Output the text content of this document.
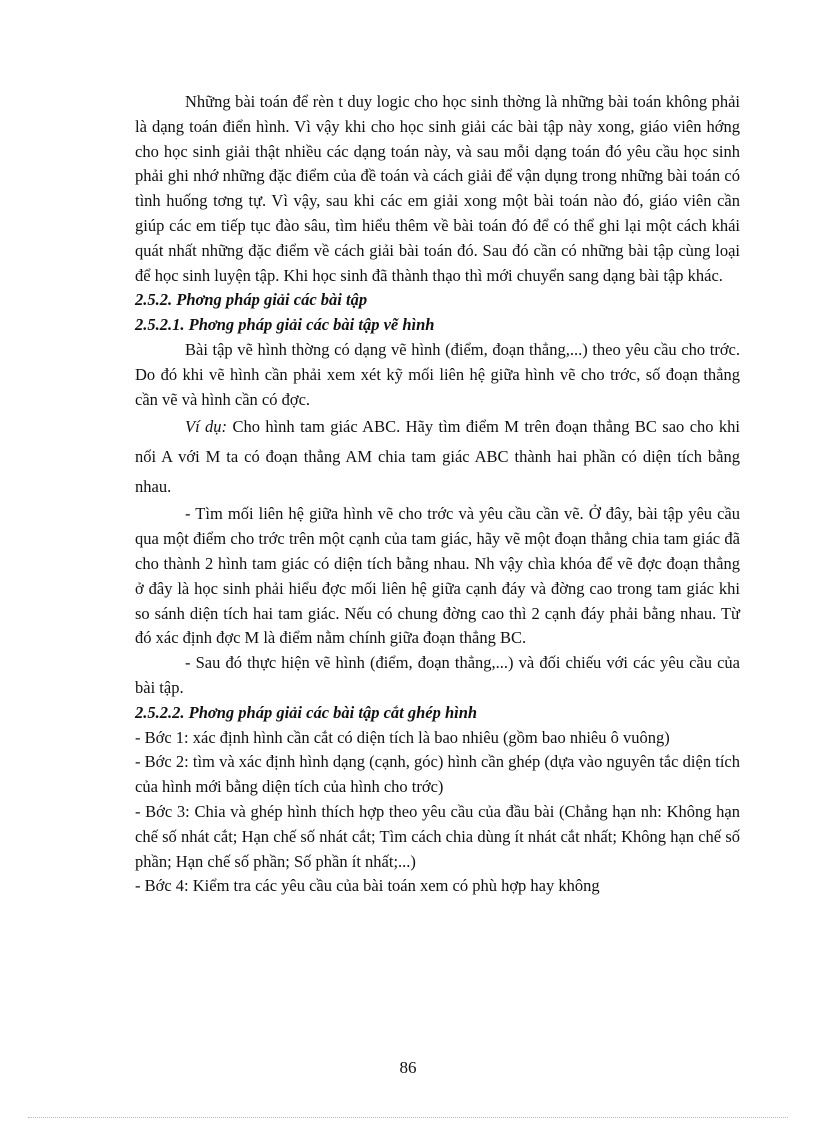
Những bài toán để rèn t duy logic cho học sinh thờng là những bài toán không phải là dạng toán điển hình. Vì vậy khi cho học sinh giải các bài tập này xong, giáo viên hớng cho học sinh giải thật nhiều các dạng toán này, và sau mỗi dạng toán đó yêu cầu học sinh phải ghi nhớ những đặc điểm của đề toán và cách giải để vận dụng trong những bài toán có tình huống tơng tự. Vì vậy, sau khi các em giải xong một bài toán nào đó, giáo viên cần giúp các em tiếp tục đào sâu, tìm hiểu thêm về bài toán đó để có thể ghi lại một cách khái quát nhất những đặc điểm về cách giải bài toán đó. Sau đó cần có những bài tập cùng loại để học sinh luyện tập. Khi học sinh đã thành thạo thì mới chuyển sang dạng bài tập khác.

2.5.2. Phơng pháp giải các bài tập

2.5.2.1. Phơng pháp giải các bài tập vẽ hình

Bài tập vẽ hình thờng có dạng vẽ hình (điểm, đoạn thẳng,...) theo yêu cầu cho trớc. Do đó khi vẽ hình cần phải xem xét kỹ mối liên hệ giữa hình vẽ cho trớc, số đoạn thẳng cần vẽ và hình cần có đợc.

Ví dụ: Cho hình tam giác ABC. Hãy tìm điểm M trên đoạn thẳng BC sao cho khi nối A với M ta có đoạn thẳng AM chia tam giác ABC thành hai phần có diện tích bằng nhau.

- Tìm mối liên hệ giữa hình vẽ cho trớc và yêu cầu cần vẽ. Ở đây, bài tập yêu cầu qua một điểm cho trớc trên một cạnh của tam giác, hãy vẽ một đoạn thẳng chia tam giác đã cho thành 2 hình tam giác có diện tích bằng nhau. Nh vậy chìa khóa để vẽ đợc đoạn thẳng ở đây là học sinh phải hiểu đợc mối liên hệ giữa cạnh đáy và đờng cao trong tam giác khi so sánh diện tích hai tam giác. Nếu có chung đờng cao thì 2 cạnh đáy phải bằng nhau. Từ đó xác định đợc M là điểm nằm chính giữa đoạn thẳng BC.

- Sau đó thực hiện vẽ hình (điểm, đoạn thẳng,...) và đối chiếu với các yêu cầu của bài tập.

2.5.2.2. Phơng pháp giải các bài tập cắt ghép hình

- Bớc 1: xác định hình cần cắt có diện tích là bao nhiêu (gồm bao nhiêu ô vuông)

- Bớc 2: tìm và xác định hình dạng (cạnh, góc) hình cần ghép (dựa vào nguyên tắc diện tích của hình mới bằng diện tích của hình cho trớc)

- Bớc 3: Chia và ghép hình thích hợp theo yêu cầu của đầu bài (Chẳng hạn nh: Không hạn chế số nhát cắt; Hạn chế số nhát cắt; Tìm cách chia dùng ít nhát cắt nhất; Không hạn chế số phần; Hạn chế số phần; Số phần ít nhất;...)

- Bớc 4: Kiểm tra các yêu cầu của bài toán xem có phù hợp hay không

86
